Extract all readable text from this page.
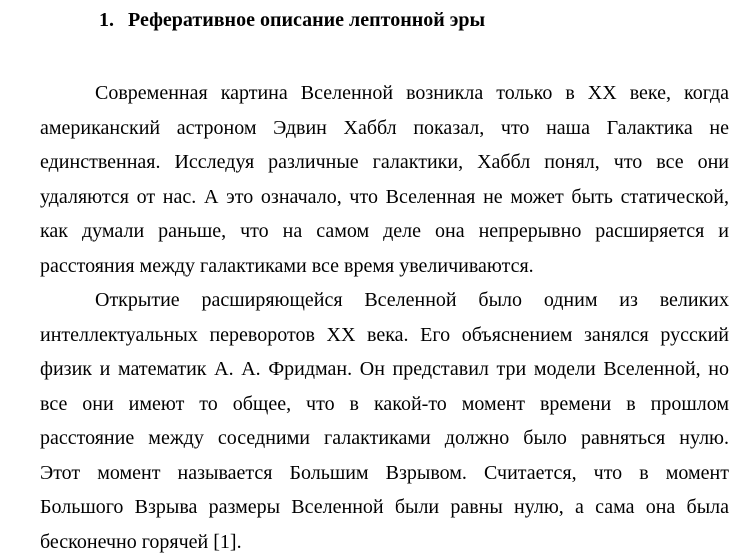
1. Реферативное описание лептонной эры
Современная картина Вселенной возникла только в XX веке, когда
американский астроном Эдвин Хаббл показал, что наша Галактика не
единственная. Исследуя различные галактики, Хаббл понял, что все они
удаляются от нас. А это означало, что Вселенная не может быть статической,
как думали раньше, что на самом деле она непрерывно расширяется и
расстояния между галактиками все время увеличиваются.
Открытие расширяющейся Вселенной было одним из великих
интеллектуальных переворотов XX века. Его объяснением занялся русский
физик и математик А. А. Фридман. Он представил три модели Вселенной, но
все они имеют то общее, что в какой-то момент времени в прошлом
расстояние между соседними галактиками должно было равняться нулю.
Этот момент называется Большим Взрывом. Считается, что в момент
Большого Взрыва размеры Вселенной были равны нулю, а сама она была
бесконечно горячей [1].
